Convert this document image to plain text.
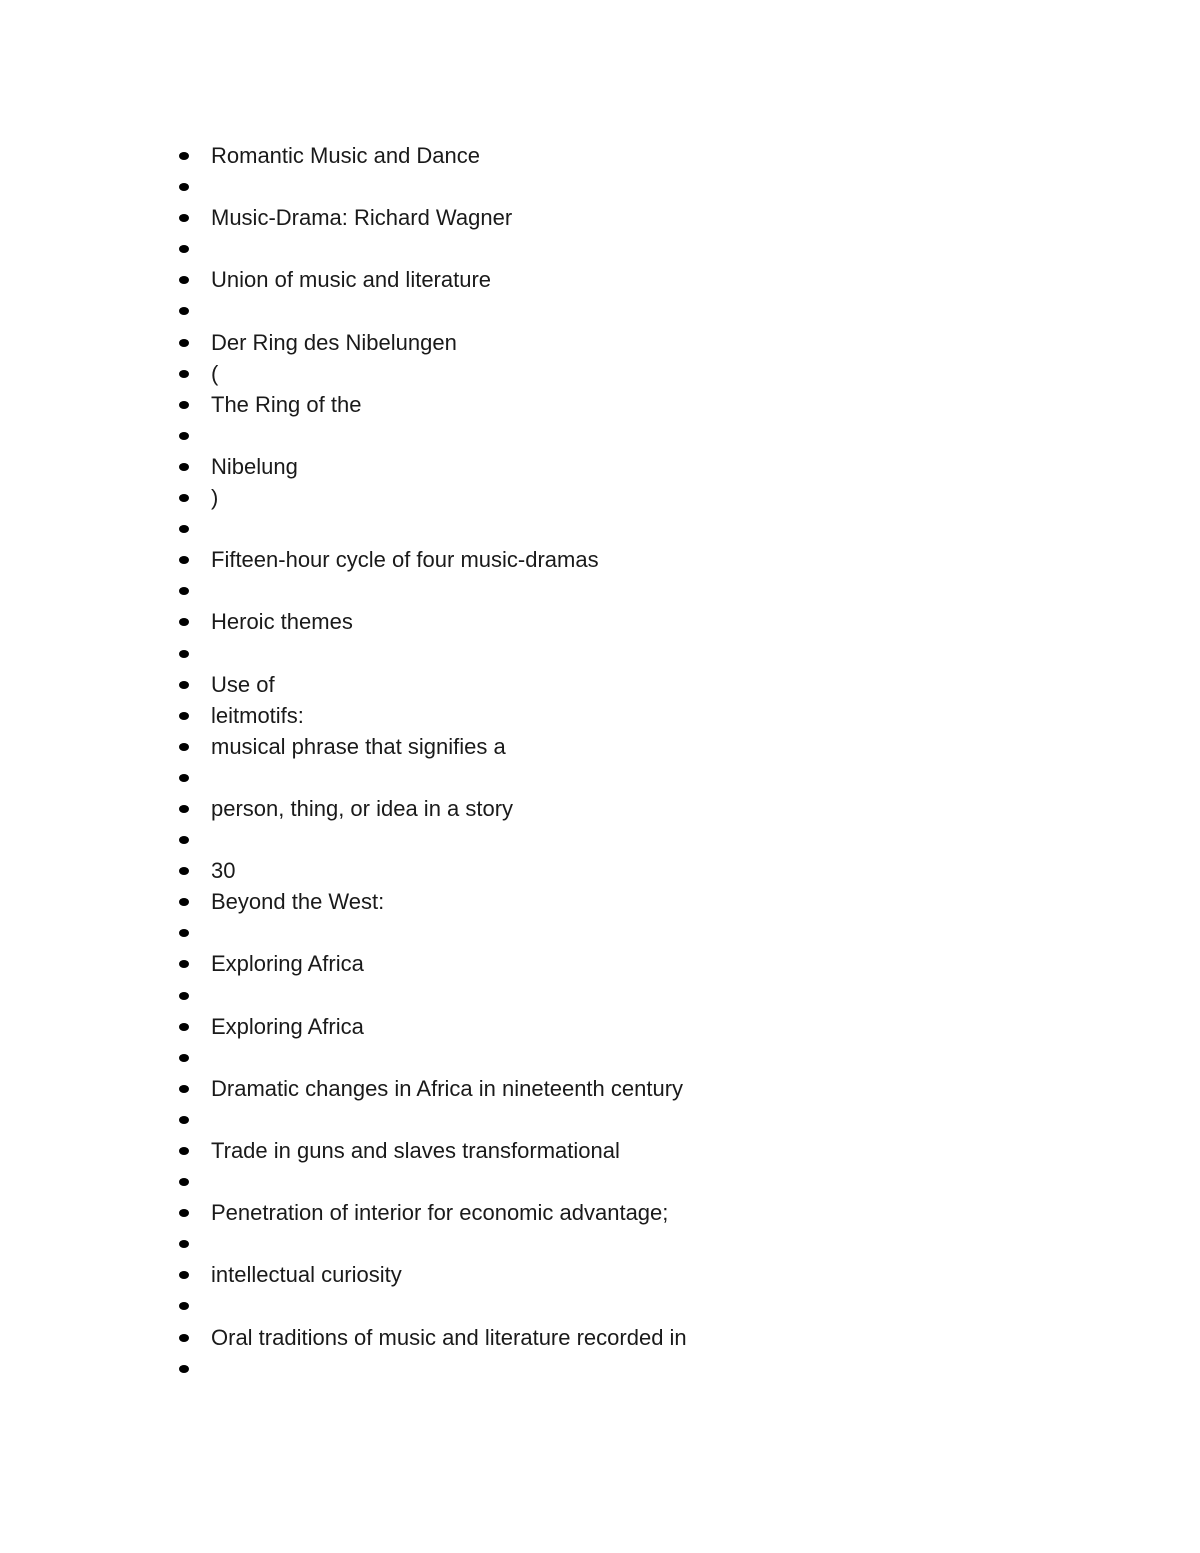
Romantic Music and Dance
Music-Drama: Richard Wagner
Union of music and literature
Der Ring des Nibelungen
(
The Ring of the
Nibelung
)
Fifteen-hour cycle of four music-dramas
Heroic themes
Use of
leitmotifs:
musical phrase that signifies a
person, thing, or idea in a story
30
Beyond the West:
Exploring Africa
Exploring Africa
Dramatic changes in Africa in nineteenth century
Trade in guns and slaves transformational
Penetration of interior for economic advantage;
intellectual curiosity
Oral traditions of music and literature recorded in
